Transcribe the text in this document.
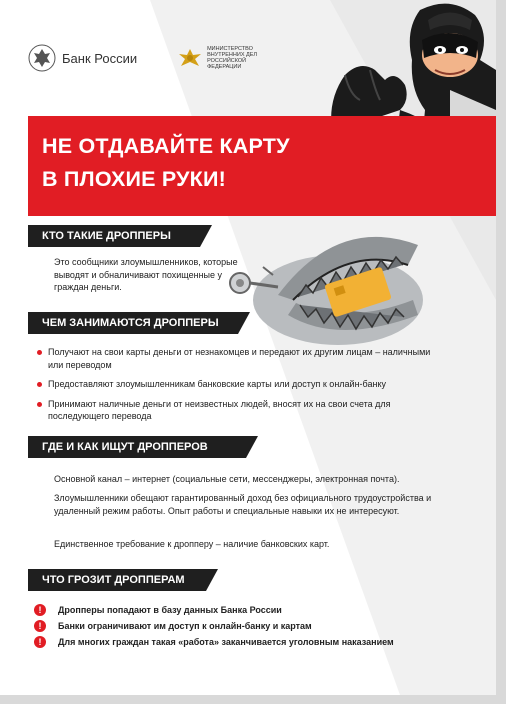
Банк России
МИНИСТЕРСТВО ВНУТРЕННИХ ДЕЛ РОССИЙСКОЙ ФЕДЕРАЦИИ
НЕ ОТДАВАЙТЕ КАРТУ
В ПЛОХИЕ РУКИ!
КТО ТАКИЕ ДРОППЕРЫ
Это сообщники злоумышленников, которые выводят и обналичивают похищенные у граждан деньги.
ЧЕМ ЗАНИМАЮТСЯ ДРОППЕРЫ
Получают на свои карты деньги от незнакомцев и передают их другим лицам – наличными или переводом
Предоставляют злоумышленникам банковские карты или доступ к онлайн-банку
Принимают наличные деньги от неизвестных людей, вносят их на свои счета для последующего перевода
ГДЕ И КАК ИЩУТ ДРОППЕРОВ
Основной канал – интернет (социальные сети, мессенджеры, электронная почта).
Злоумышленники обещают гарантированный доход без официального трудоустройства и удаленный режим работы. Опыт работы и специальные навыки их не интересуют.
Единственное требование к дропперу – наличие банковских карт.
ЧТО ГРОЗИТ ДРОППЕРАМ
!	Дропперы попадают в базу данных Банка России
!	Банки ограничивают им доступ к онлайн-банку и картам
!	Для многих граждан такая «работа» заканчивается уголовным наказанием
